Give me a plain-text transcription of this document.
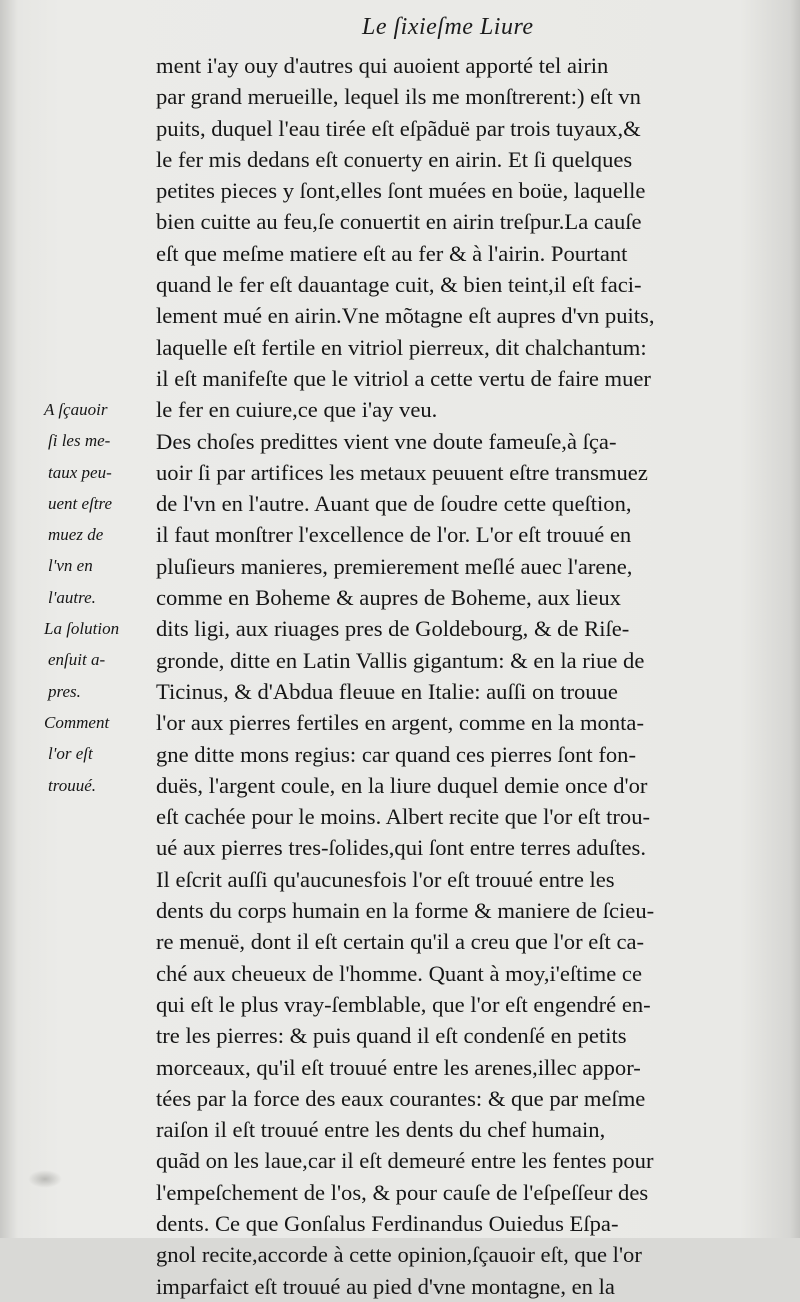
Le ſixieſme Liure
A ſçauoir
ſi les me-
taux peu-
uent eſtre
muez de
l'vn en
l'autre.
La ſolution
enſuit a-
pres.
Comment
l'or eſt
trouué.
ment i'ay ouy d'autres qui auoient apporté tel airin
par grand merueille, lequel ils me monſtrerent:) eſt vn
puits, duquel l'eau tirée eſt eſpãduë par trois tuyaux,&
le fer mis dedans eſt conuerty en airin. Et ſi quelques
petites pieces y ſont,elles ſont muées en boüe, laquelle
bien cuitte au feu,ſe conuertit en airin treſpur.La cauſe
eſt que meſme matiere eſt au fer & à l'airin. Pourtant
quand le fer eſt dauantage cuit, & bien teint,il eſt faci-
lement mué en airin.Vne mõtagne eſt aupres d'vn puits,
laquelle eſt fertile en vitriol pierreux, dit chalchantum:
il eſt manifeſte que le vitriol a cette vertu de faire muer
le fer en cuiure,ce que i'ay veu.
Des choſes predittes vient vne doute fameuſe,à ſça-
uoir ſi par artifices les metaux peuuent eſtre transmuez
de l'vn en l'autre. Auant que de ſoudre cette queſtion,
il faut monſtrer l'excellence de l'or. L'or eſt trouué en
pluſieurs manieres, premierement meſlé auec l'arene,
comme en Boheme & aupres de Boheme, aux lieux
dits ligi, aux riuages pres de Goldebourg, & de Riſe-
gronde, ditte en Latin Vallis gigantum: & en la riue de
Ticinus, & d'Abdua fleuue en Italie: auſſi on trouue
l'or aux pierres fertiles en argent, comme en la monta-
gne ditte mons regius: car quand ces pierres ſont fon-
duës, l'argent coule, en la liure duquel demie once d'or
eſt cachée pour le moins. Albert recite que l'or eſt trou-
ué aux pierres tres-ſolides,qui ſont entre terres aduſtes.
Il eſcrit auſſi qu'aucunesfois l'or eſt trouué entre les
dents du corps humain en la forme & maniere de ſcieu-
re menuë, dont il eſt certain qu'il a creu que l'or eſt ca-
ché aux cheueux de l'homme. Quant à moy,i'eſtime ce
qui eſt le plus vray-ſemblable, que l'or eſt engendré en-
tre les pierres: & puis quand il eſt condenſé en petits
morceaux, qu'il eſt trouué entre les arenes,illec appor-
tées par la force des eaux courantes: & que par meſme
raiſon il eſt trouué entre les dents du chef humain,
quãd on les laue,car il eſt demeuré entre les fentes pour
l'empeſchement de l'os, & pour cauſe de l'eſpeſſeur des
dents. Ce que Gonſalus Ferdinandus Ouiedus Eſpa-
gnol recite,accorde à cette opinion,ſçauoir eſt, que l'or
imparfaict eſt trouué au pied d'vne montagne, en la
